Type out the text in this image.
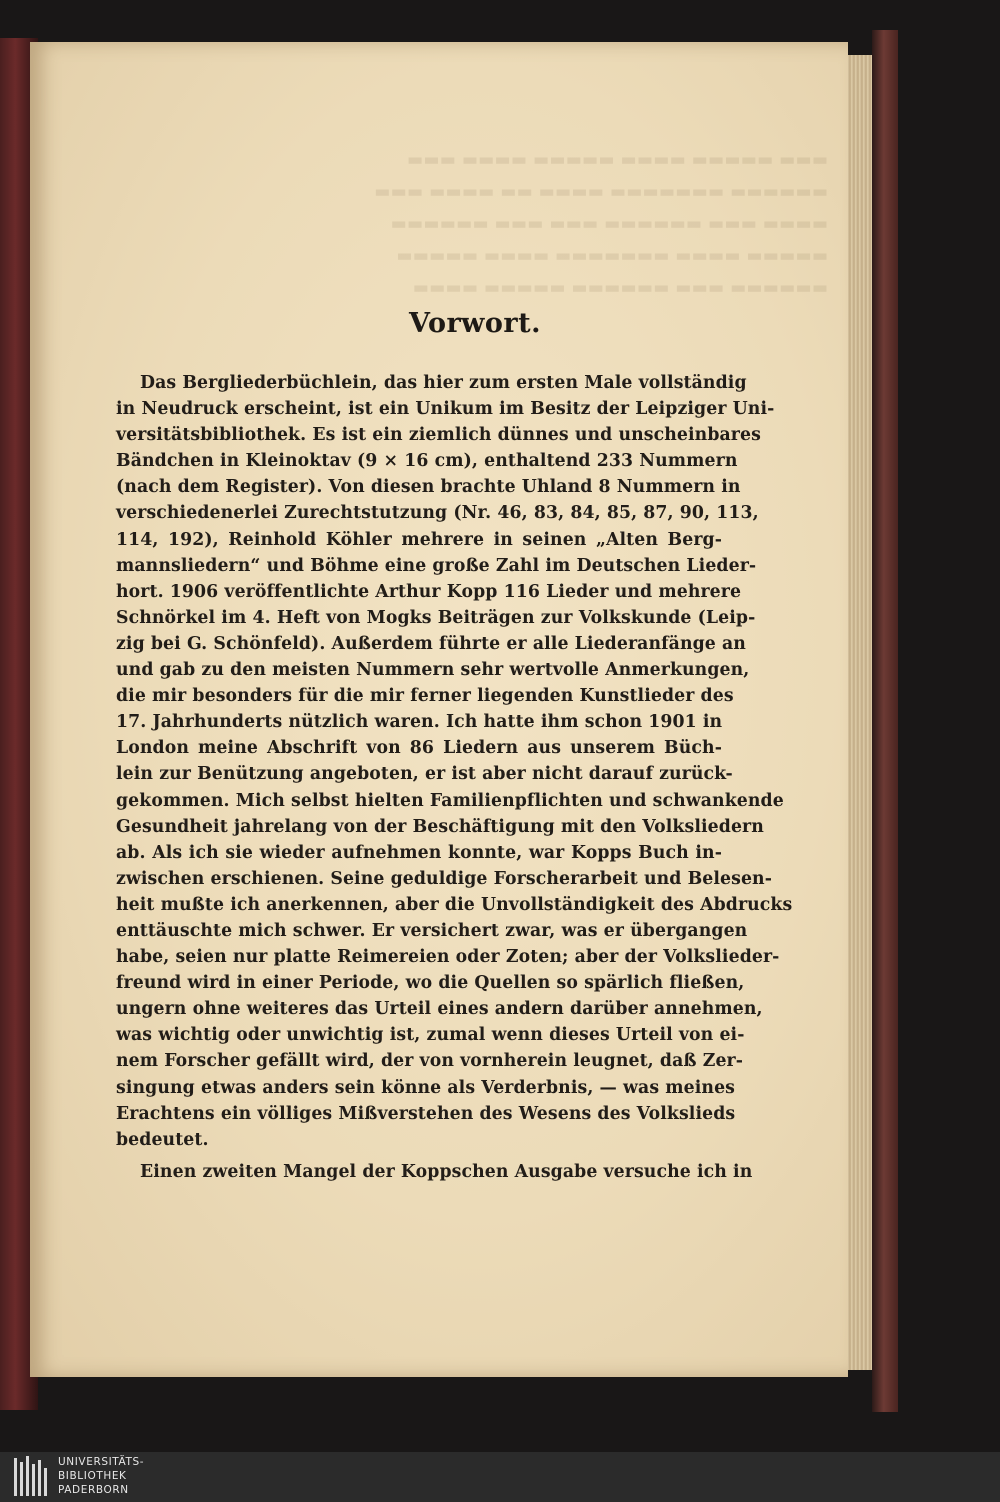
▬▬▬ ▬▬▬▬▬ ▬▬▬▬ ▬▬▬▬▬ ▬▬▬▬ ▬▬▬
▬▬▬▬▬▬ ▬▬▬▬▬▬▬ ▬▬▬▬ ▬▬ ▬▬▬▬ ▬▬▬
▬▬▬▬ ▬▬▬ ▬▬▬▬▬▬ ▬▬▬ ▬▬▬ ▬▬▬▬▬▬
▬▬▬▬▬ ▬▬▬▬ ▬▬▬▬▬▬▬ ▬▬▬▬ ▬▬▬▬▬
▬▬▬▬▬▬ ▬▬▬ ▬▬▬▬▬▬ ▬▬▬▬▬ ▬▬▬▬
Vorwort.
Das Bergliederbüchlein, das hier zum ersten Male vollständig
in Neudruck erscheint, ist ein Unikum im Besitz der Leipziger Uni-
versitätsbibliothek. Es ist ein ziemlich dünnes und unscheinbares
Bändchen in Kleinoktav (9 × 16 cm), enthaltend 233 Nummern
(nach dem Register). Von diesen brachte Uhland 8 Nummern in
verschiedenerlei Zurechtstutzung (Nr. 46, 83, 84, 85, 87, 90, 113,
114, 192), Reinhold Köhler mehrere in seinen „Alten Berg-
mannsliedern“ und Böhme eine große Zahl im Deutschen Lieder-
hort. 1906 veröffentlichte Arthur Kopp 116 Lieder und mehrere
Schnörkel im 4. Heft von Mogks Beiträgen zur Volkskunde (Leip-
zig bei G. Schönfeld). Außerdem führte er alle Liederanfänge an
und gab zu den meisten Nummern sehr wertvolle Anmerkungen,
die mir besonders für die mir ferner liegenden Kunstlieder des
17. Jahrhunderts nützlich waren. Ich hatte ihm schon 1901 in
London meine Abschrift von 86 Liedern aus unserem Büch-
lein zur Benützung angeboten, er ist aber nicht darauf zurück-
gekommen. Mich selbst hielten Familienpflichten und schwankende
Gesundheit jahrelang von der Beschäftigung mit den Volksliedern
ab. Als ich sie wieder aufnehmen konnte, war Kopps Buch in-
zwischen erschienen. Seine geduldige Forscherarbeit und Belesen-
heit mußte ich anerkennen, aber die Unvollständigkeit des Abdrucks
enttäuschte mich schwer. Er versichert zwar, was er übergangen
habe, seien nur platte Reimereien oder Zoten; aber der Volkslieder-
freund wird in einer Periode, wo die Quellen so spärlich fließen,
ungern ohne weiteres das Urteil eines andern darüber annehmen,
was wichtig oder unwichtig ist, zumal wenn dieses Urteil von ei-
nem Forscher gefällt wird, der von vornherein leugnet, daß Zer-
singung etwas anders sein könne als Verderbnis, — was meines
Erachtens ein völliges Mißverstehen des Wesens des Volkslieds
bedeutet.
Einen zweiten Mangel der Koppschen Ausgabe versuche ich in
UNIVERSITÄTS-
BIBLIOTHEK
PADERBORN
